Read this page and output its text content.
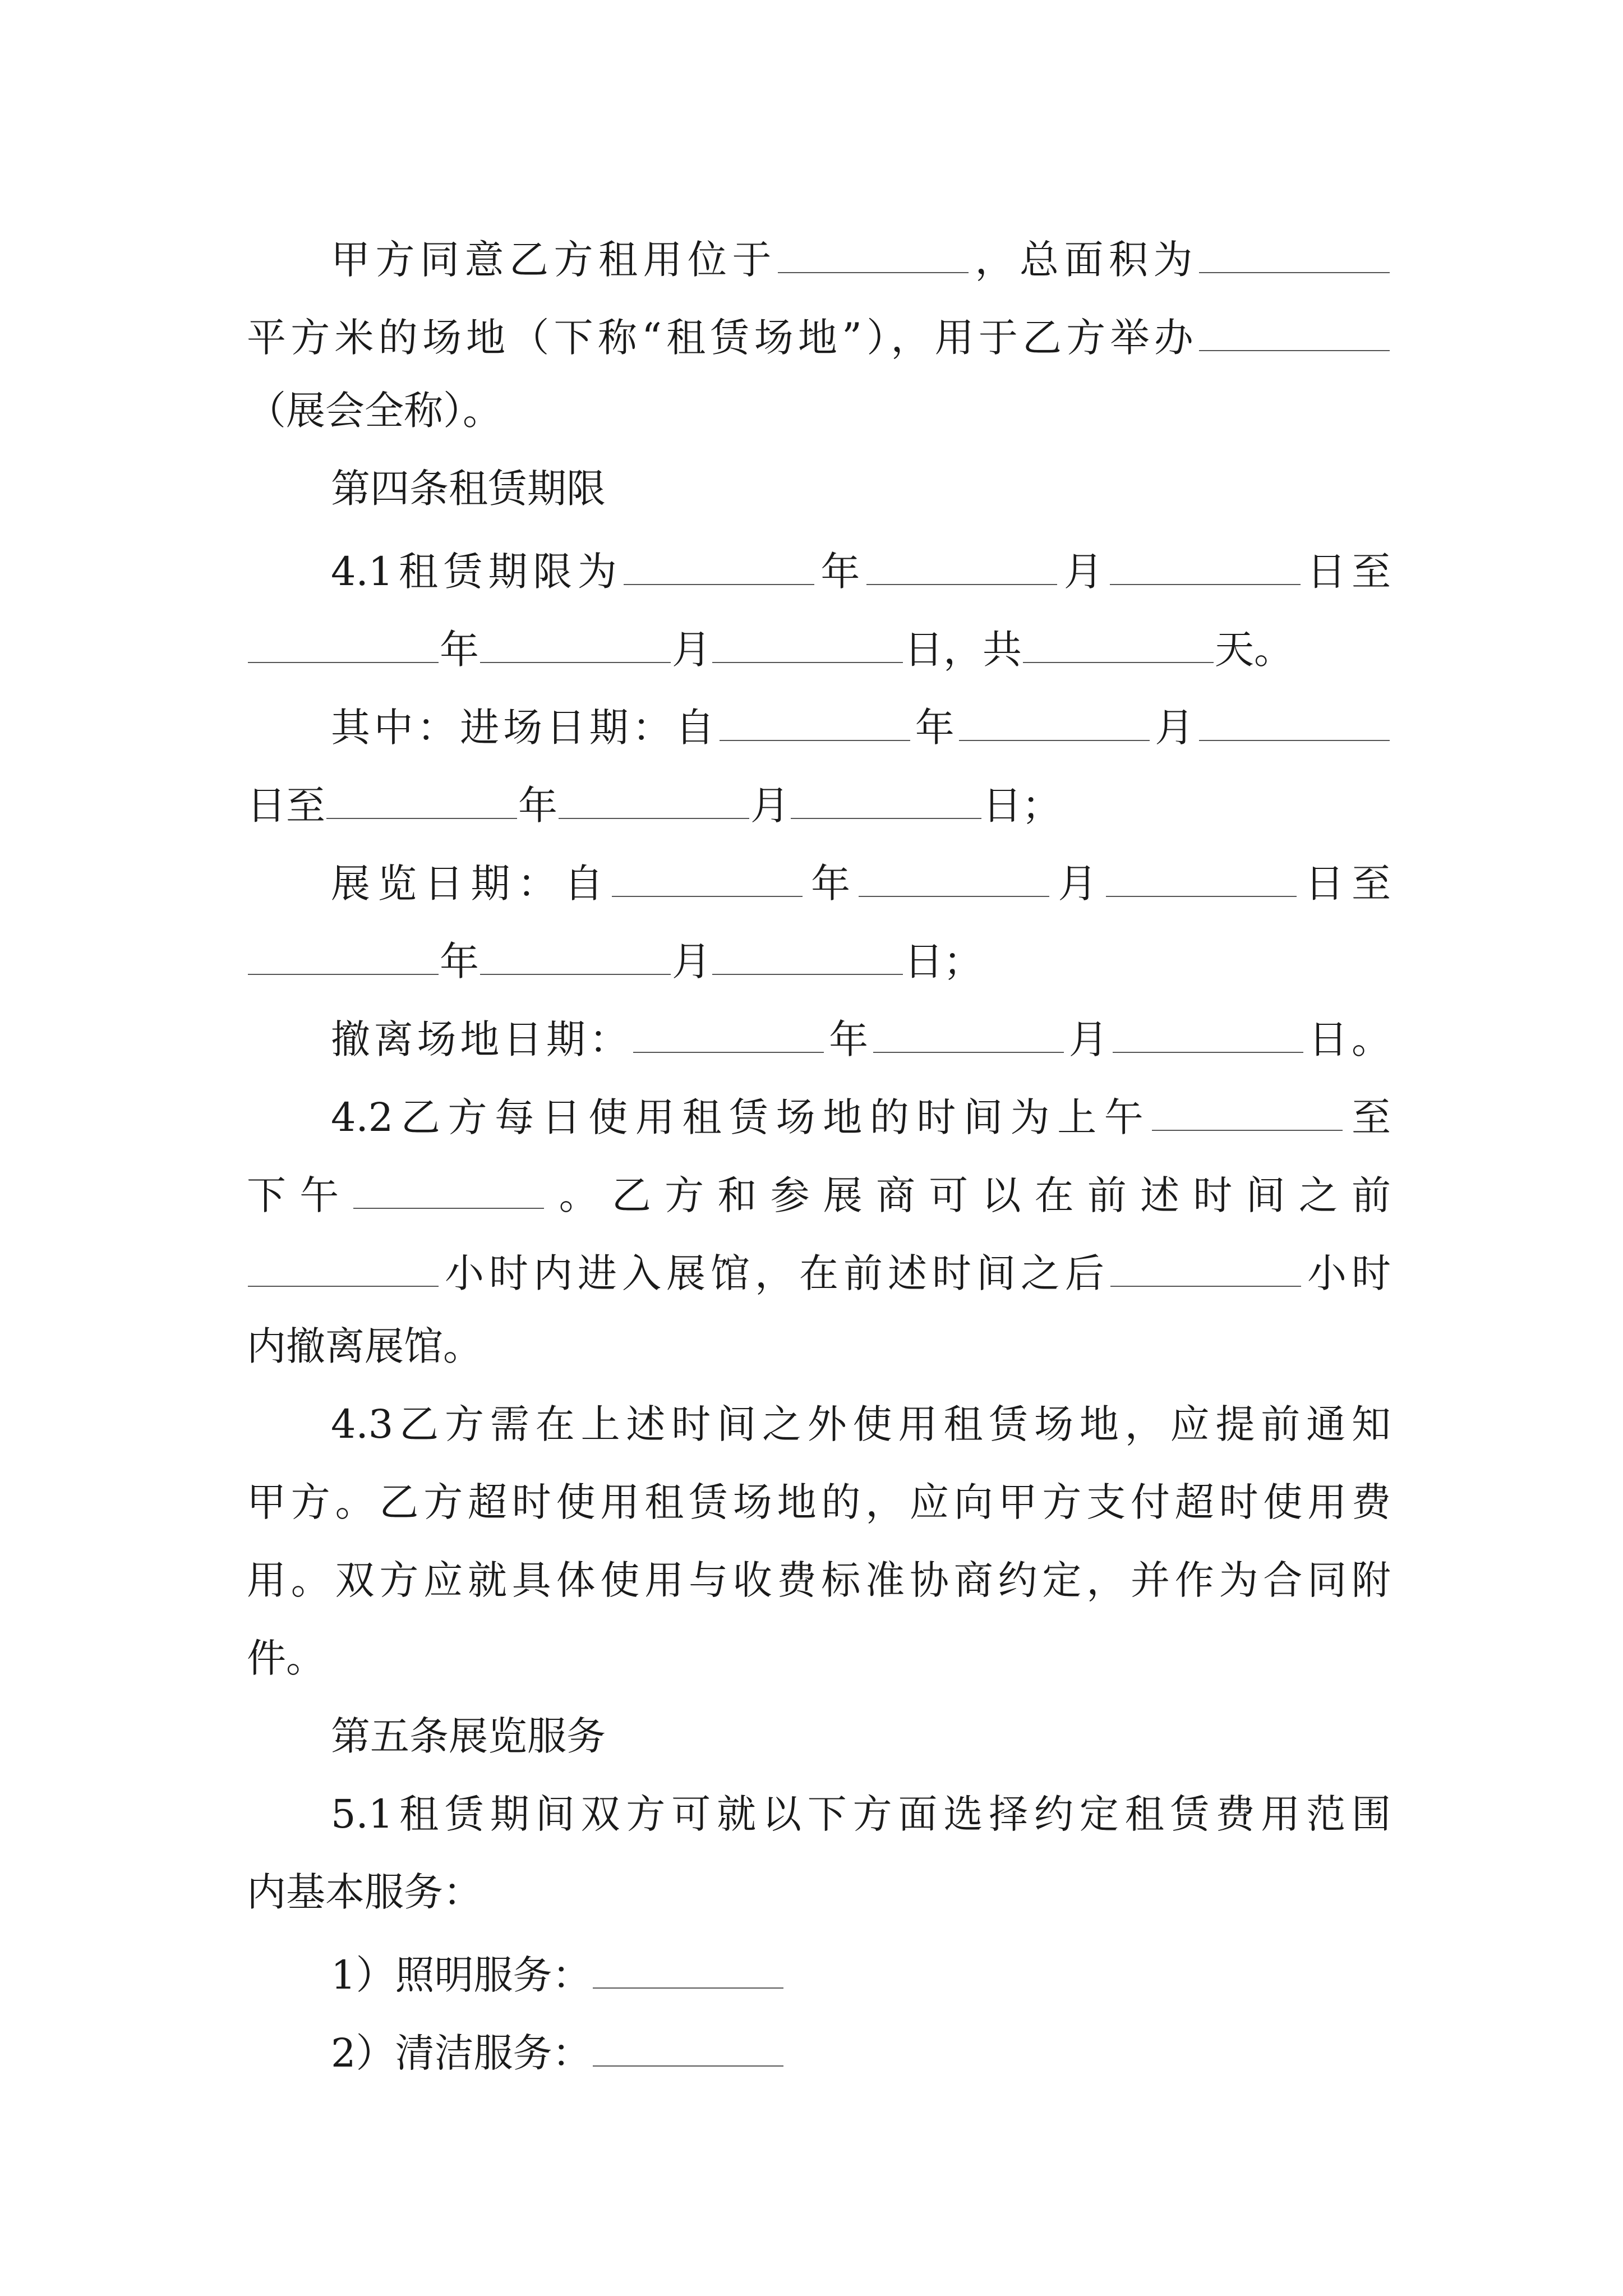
甲方同意乙方租用位于	，总面积为
平方米的场地（下称“租赁场地”），用于乙方举办
（展会全称）。
第四条租赁期限
4.1租赁期限为	年	月	日至
年	月	日，共	天。
其中：进场日期：自	年	月
日至	年	月	日；
展览日期：自	年	月	日至
年	月	日；
撤离场地日期：	年	月	日。
4.2乙方每日使用租赁场地的时间为上午	至
下午	。乙方和参展商可以在前述时间之前
小时内进入展馆，在前述时间之后	小时
内撤离展馆。
4.3乙方需在上述时间之外使用租赁场地，应提前通知
甲方。乙方超时使用租赁场地的，应向甲方支付超时使用费
用。双方应就具体使用与收费标准协商约定，并作为合同附
件。
第五条展览服务
5.1租赁期间双方可就以下方面选择约定租赁费用范围
内基本服务：
1）照明服务：
2）清洁服务：
